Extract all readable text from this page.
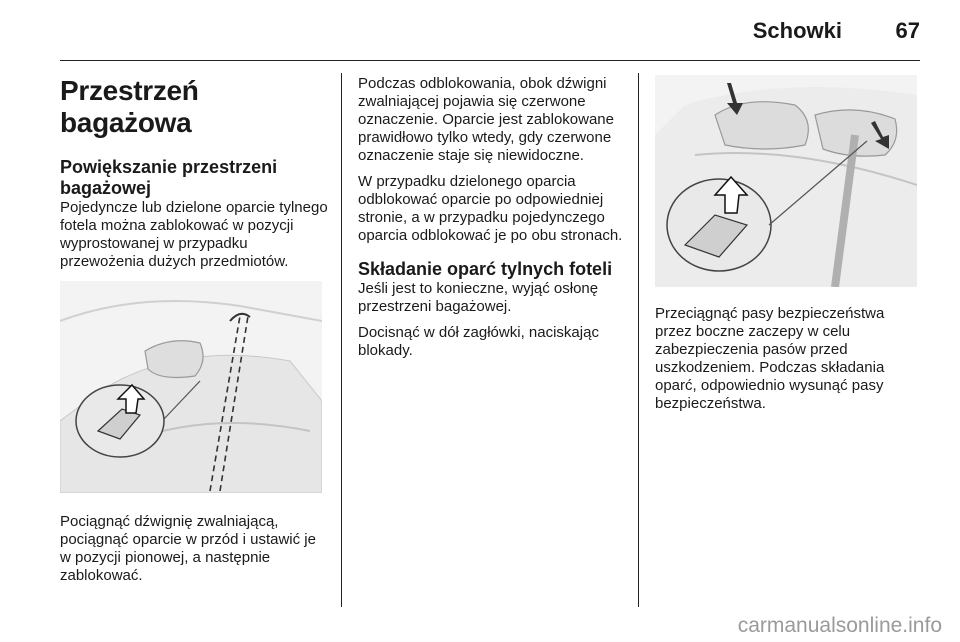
Schowki 67
Przestrzeń bagażowa
Powiększanie przestrzeni bagażowej

Pojedyncze lub dzielone oparcie tylnego fotela można zablokować w pozycji wyprostowanej w przypadku przewożenia dużych przedmiotów.

Pociągnąć dźwignię zwalniającą, pociągnąć oparcie w przód i ustawić je w pozycji pionowej, a następnie zablokować.

Podczas odblokowania, obok dźwigni zwalniającej pojawia się czerwone oznaczenie. Oparcie jest zablokowane prawidłowo tylko wtedy, gdy czerwone oznaczenie staje się niewidoczne.

W przypadku dzielonego oparcia odblokować oparcie po odpowiedniej stronie, a w przypadku pojedynczego oparcia odblokować je po obu stronach.

Składanie oparć tylnych foteli

Jeśli jest to konieczne, wyjąć osłonę przestrzeni bagażowej.

Docisnąć w dół zagłówki, naciskając blokady.

Przeciągnąć pasy bezpieczeństwa przez boczne zaczepy w celu zabezpieczenia pasów przed uszkodzeniem. Podczas składania oparć, odpowiednio wysunąć pasy bezpieczeństwa.

carmanualsonline.info
